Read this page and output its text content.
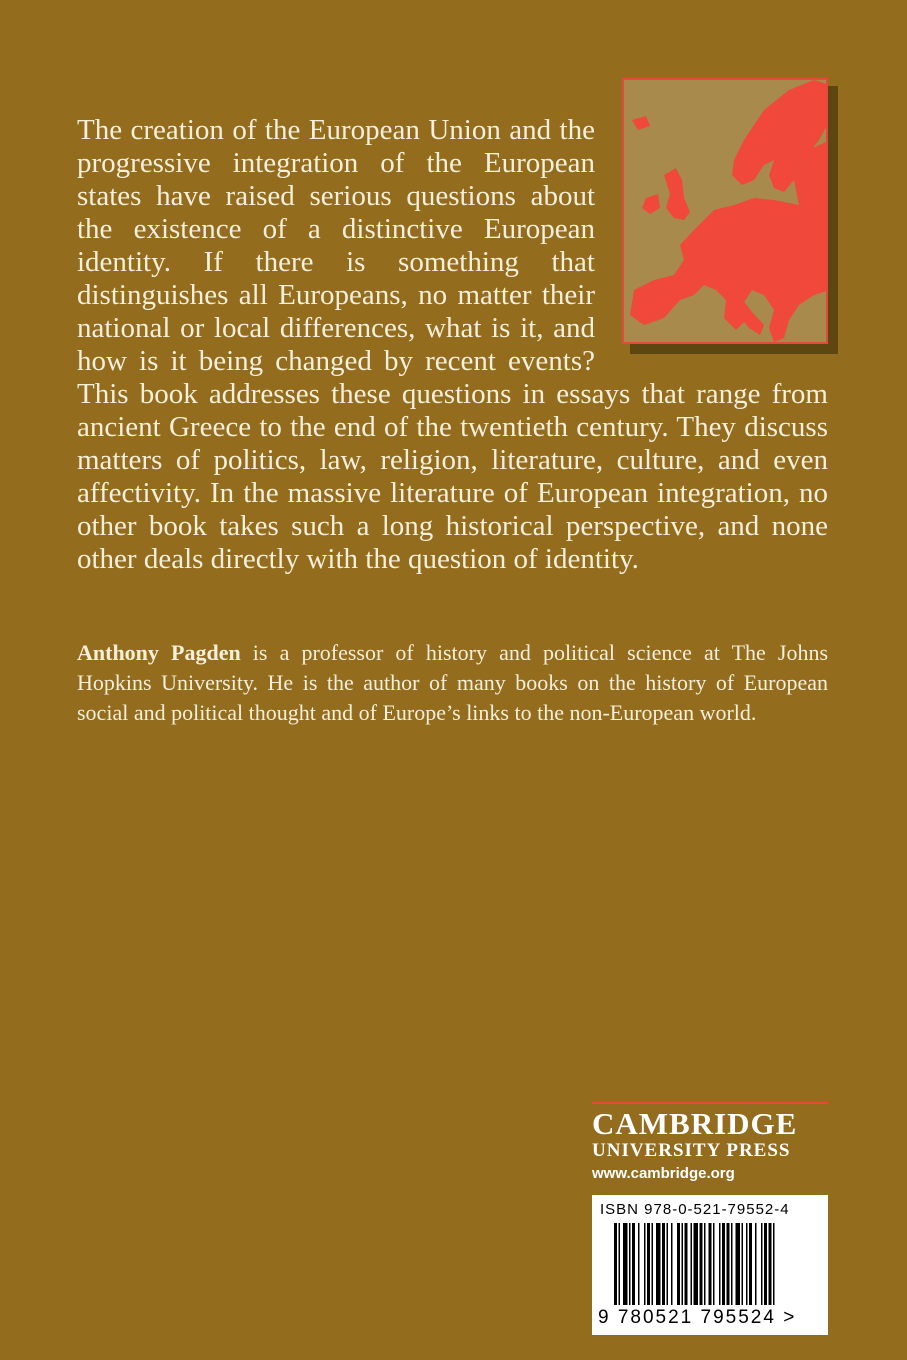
The creation of the European Union and the progressive integration of the European states have raised serious questions about the existence of a distinctive European identity. If there is something that distinguishes all Europeans, no matter their national or local differences, what is it, and how is it being changed by recent events? This book addresses these questions in essays that range from ancient Greece to the end of the twentieth century. They discuss matters of politics, law, religion, literature, culture, and even affectivity. In the massive literature of European integration, no other book takes such a long historical perspective, and none other deals directly with the question of identity.

Anthony Pagden is a professor of history and political science at The Johns Hopkins University. He is the author of many books on the history of European social and political thought and of Europe’s links to the non-European world.

CAMBRIDGE
UNIVERSITY PRESS
www.cambridge.org
ISBN 978-0-521-79552-4
9 780521 795524 >
